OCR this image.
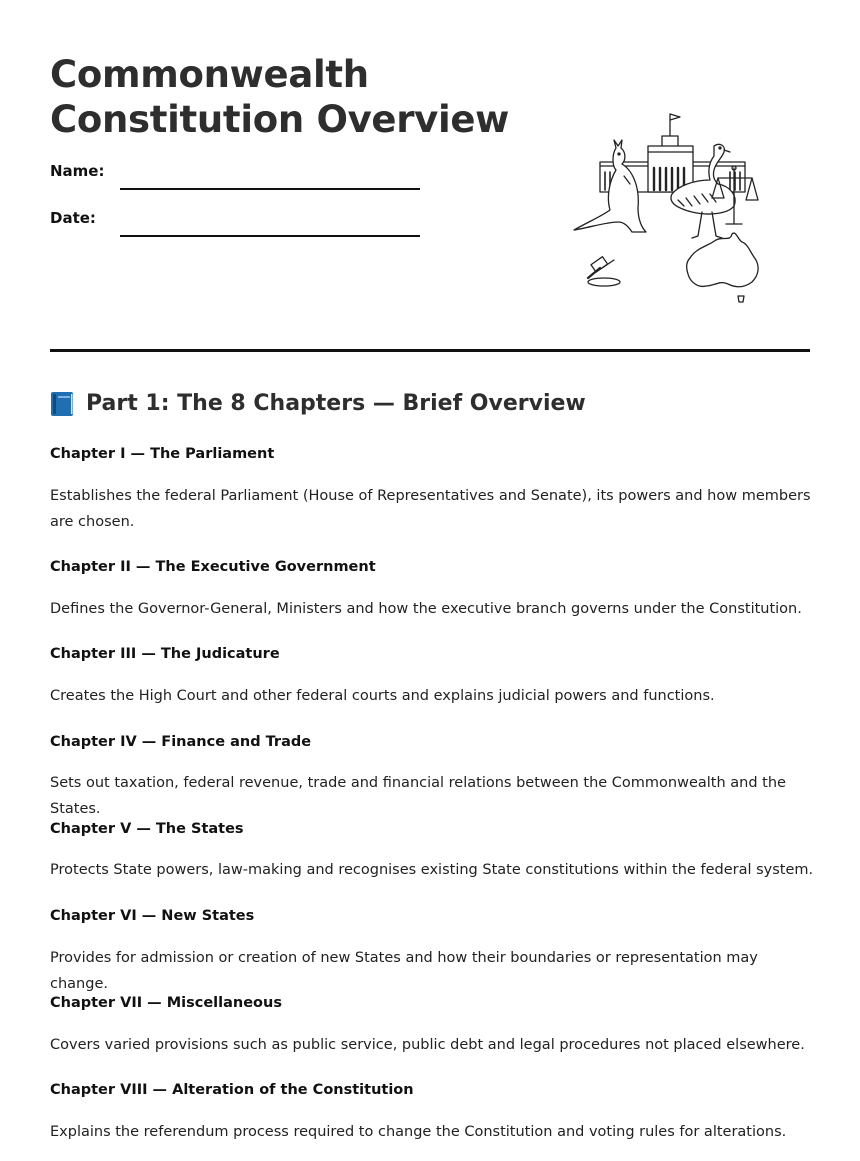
Commonwealth
Constitution Overview
Name:
Date:
Part 1: The 8 Chapters — Brief Overview

Chapter I — The Parliament

Establishes the federal Parliament (House of Representatives and Senate), its powers and how members are chosen.

Chapter II — The Executive Government

Defines the Governor-General, Ministers and how the executive branch governs under the Constitution.

Chapter III — The Judicature

Creates the High Court and other federal courts and explains judicial powers and functions.

Chapter IV — Finance and Trade

Sets out taxation, federal revenue, trade and financial relations between the Commonwealth and the States.

Chapter V — The States

Protects State powers, law-making and recognises existing State constitutions within the federal system.

Chapter VI — New States

Provides for admission or creation of new States and how their boundaries or representation may change.

Chapter VII — Miscellaneous

Covers varied provisions such as public service, public debt and legal procedures not placed elsewhere.

Chapter VIII — Alteration of the Constitution

Explains the referendum process required to change the Constitution and voting rules for alterations.
